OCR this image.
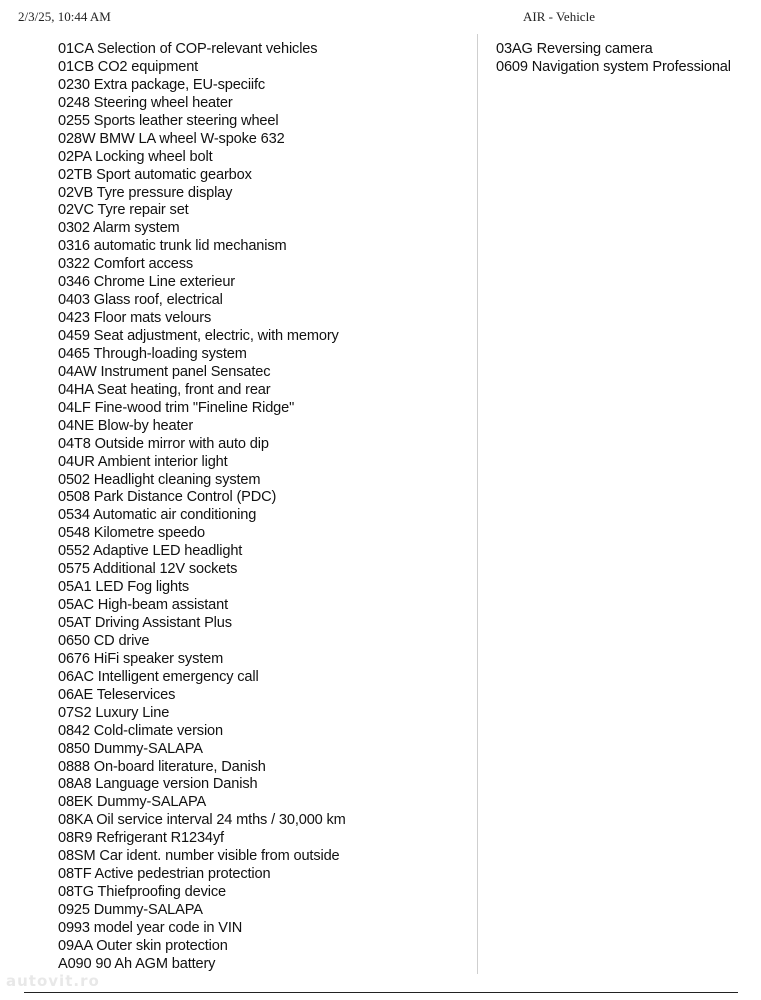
2/3/25, 10:44 AM	AIR - Vehicle
01CA Selection of COP-relevant vehicles
01CB CO2 equipment
0230 Extra package, EU-speciifc
0248 Steering wheel heater
0255 Sports leather steering wheel
028W BMW LA wheel W-spoke 632
02PA Locking wheel bolt
02TB Sport automatic gearbox
02VB Tyre pressure display
02VC Tyre repair set
0302 Alarm system
0316 automatic trunk lid mechanism
0322 Comfort access
0346 Chrome Line exterieur
0403 Glass roof, electrical
0423 Floor mats velours
0459 Seat adjustment, electric, with memory
0465 Through-loading system
04AW Instrument panel Sensatec
04HA Seat heating, front and rear
04LF Fine-wood trim "Fineline Ridge"
04NE Blow-by heater
04T8 Outside mirror with auto dip
04UR Ambient interior light
0502 Headlight cleaning system
0508 Park Distance Control (PDC)
0534 Automatic air conditioning
0548 Kilometre speedo
0552 Adaptive LED headlight
0575 Additional 12V sockets
05A1 LED Fog lights
05AC High-beam assistant
05AT Driving Assistant Plus
0650 CD drive
0676 HiFi speaker system
06AC Intelligent emergency call
06AE Teleservices
07S2 Luxury Line
0842 Cold-climate version
0850 Dummy-SALAPA
0888 On-board literature, Danish
08A8 Language version Danish
08EK Dummy-SALAPA
08KA Oil service interval 24 mths / 30,000 km
08R9 Refrigerant R1234yf
08SM Car ident. number visible from outside
08TF Active pedestrian protection
08TG Thiefproofing device
0925 Dummy-SALAPA
0993 model year code in VIN
09AA Outer skin protection
A090 90 Ah AGM battery
03AG Reversing camera
0609 Navigation system Professional
autovit.ro
